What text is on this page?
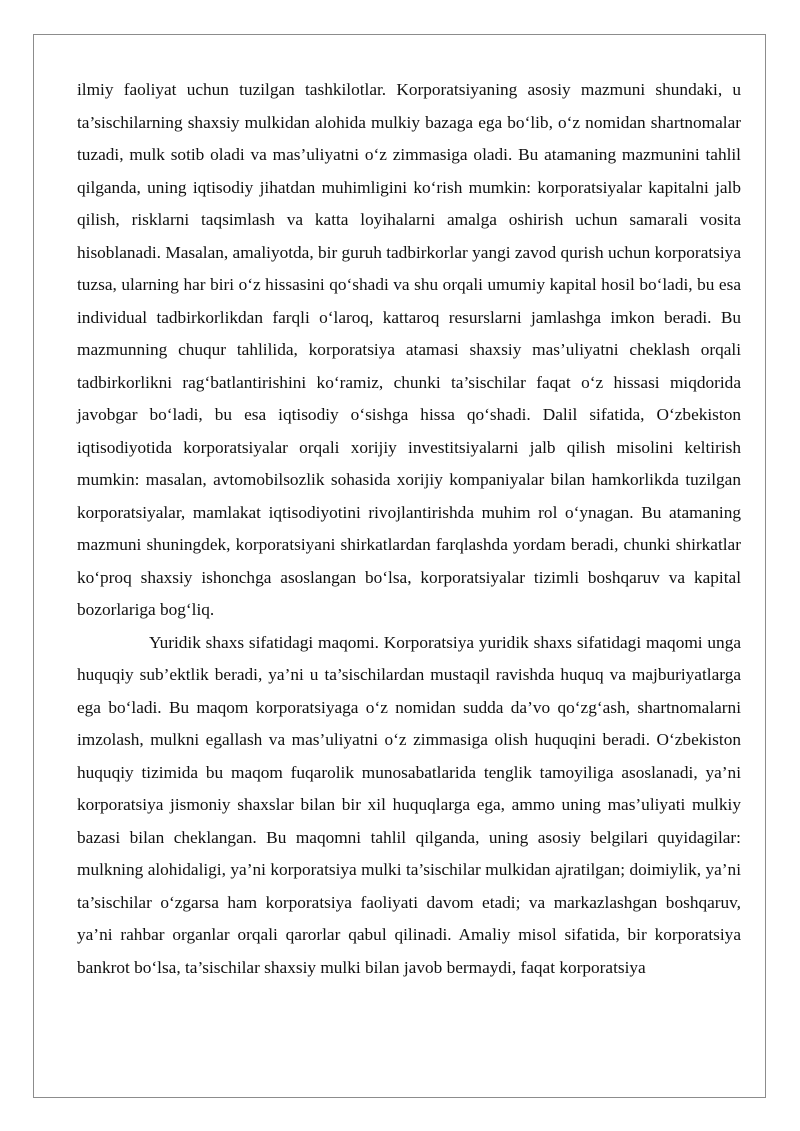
ilmiy faoliyat uchun tuzilgan tashkilotlar. Korporatsiyaning asosiy mazmuni shundaki, u ta’sischilarning shaxsiy mulkidan alohida mulkiy bazaga ega bo‘lib, o‘z nomidan shartnomalar tuzadi, mulk sotib oladi va mas’uliyatni o‘z zimmasiga oladi. Bu atamaning mazmunini tahlil qilganda, uning iqtisodiy jihatdan muhimligini ko‘rish mumkin: korporatsiyalar kapitalni jalb qilish, risklarni taqsimlash va katta loyihalarni amalga oshirish uchun samarali vosita hisoblanadi. Masalan, amaliyotda, bir guruh tadbirkorlar yangi zavod qurish uchun korporatsiya tuzsa, ularning har biri o‘z hissasini qo‘shadi va shu orqali umumiy kapital hosil bo‘ladi, bu esa individual tadbirkorlikdan farqli o‘laroq, kattaroq resurslarni jamlashga imkon beradi. Bu mazmunning chuqur tahlilida, korporatsiya atamasi shaxsiy mas’uliyatni cheklash orqali tadbirkorlikni rag‘batlantirishini ko‘ramiz, chunki ta’sischilar faqat o‘z hissasi miqdorida javobgar bo‘ladi, bu esa iqtisodiy o‘sishga hissa qo‘shadi. Dalil sifatida, O‘zbekiston iqtisodiyotida korporatsiyalar orqali xorijiy investitsiyalarni jalb qilish misolini keltirish mumkin: masalan, avtomobilsozlik sohasida xorijiy kompaniyalar bilan hamkorlikda tuzilgan korporatsiyalar, mamlakat iqtisodiyotini rivojlantirishda muhim rol o‘ynagan. Bu atamaning mazmuni shuningdek, korporatsiyani shirkatlardan farqlashda yordam beradi, chunki shirkatlar ko‘proq shaxsiy ishonchga asoslangan bo‘lsa, korporatsiyalar tizimli boshqaruv va kapital bozorlariga bog‘liq.

Yuridik shaxs sifatidagi maqomi. Korporatsiya yuridik shaxs sifatidagi maqomi unga huquqiy sub’ektlik beradi, ya’ni u ta’sischilardan mustaqil ravishda huquq va majburiyatlarga ega bo‘ladi. Bu maqom korporatsiyaga o‘z nomidan sudda da’vo qo‘zg‘ash, shartnomalarni imzolash, mulkni egallash va mas’uliyatni o‘z zimmasiga olish huquqini beradi. O‘zbekiston huquqiy tizimida bu maqom fuqarolik munosabatlarida tenglik tamoyiliga asoslanadi, ya’ni korporatsiya jismoniy shaxslar bilan bir xil huquqlarga ega, ammo uning mas’uliyati mulkiy bazasi bilan cheklangan. Bu maqomni tahlil qilganda, uning asosiy belgilari quyidagilar: mulkning alohidaligi, ya’ni korporatsiya mulki ta’sischilar mulkidan ajratilgan; doimiylik, ya’ni ta’sischilar o‘zgarsa ham korporatsiya faoliyati davom etadi; va markazlashgan boshqaruv, ya’ni rahbar organlar orqali qarorlar qabul qilinadi. Amaliy misol sifatida, bir korporatsiya bankrot bo‘lsa, ta’sischilar shaxsiy mulki bilan javob bermaydi, faqat korporatsiya
